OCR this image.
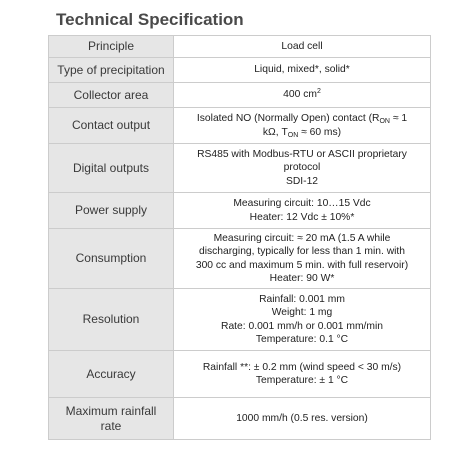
Technical Specification
Principle	Load cell

Type of precipitation	Liquid, mixed*, solid*

Collector area	400 $cm^2$

Contact output	Isolated NO (Normally Open) contact ($R_{ON} \approx 1$
kΩ, $T_{ON} \approx 60$ ms)

Digital outputs	RS485 with Modbus-RTU or ASCII proprietary
protocol
SDI-12

Power supply	Measuring circuit: 10…15 Vdc
Heater: 12 Vdc ± 10%*

Consumption	Measuring circuit: ≈ 20 mA (1.5 A while
discharging, typically for less than 1 min. with
300 cc and maximum 5 min. with full reservoir)
Heater: 90 W*

Resolution	Rainfall: 0.001 mm
Weight: 1 mg
Rate: 0.001 mm/h or 0.001 mm/min
Temperature: 0.1 °C

Accuracy	Rainfall **: ± 0.2 mm (wind speed < 30 m/s)
Temperature: ± 1 °C

Maximum rainfall rate	1000 mm/h (0.5 res. version)
